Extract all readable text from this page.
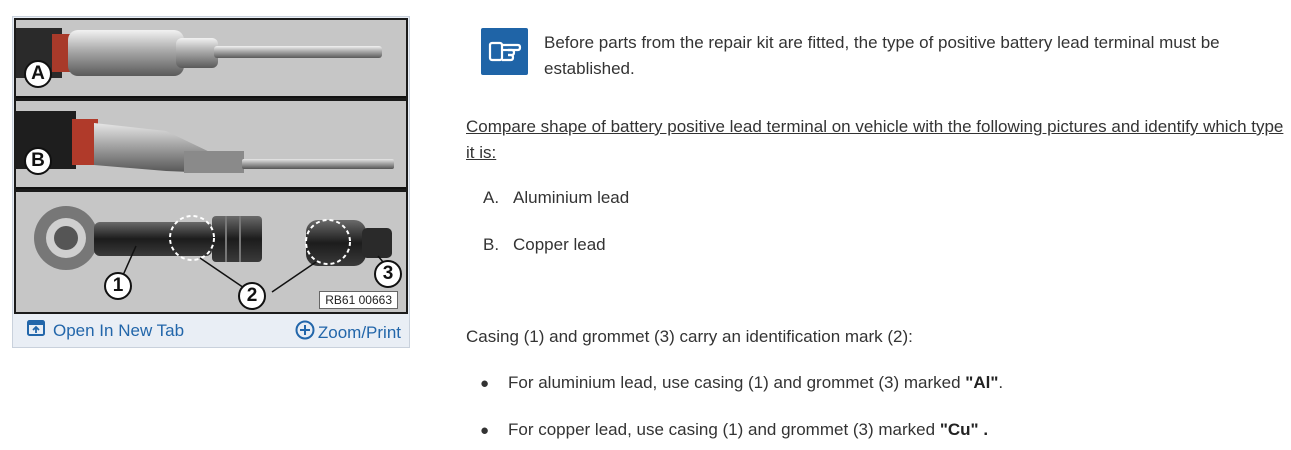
A
B
1	2
3
RB61 00663
Open In New Tab	Zoom/Print
Before parts from the repair kit are fitted, the type of positive battery lead terminal must be established.
Compare shape of battery positive lead terminal on vehicle with the following pictures and identify which type it is:
A. Aluminium lead
B. Copper lead
Casing (1) and grommet (3) carry an identification mark (2):
● For aluminium lead, use casing (1) and grommet (3) marked "Al".
● For copper lead, use casing (1) and grommet (3) marked "Cu" .
